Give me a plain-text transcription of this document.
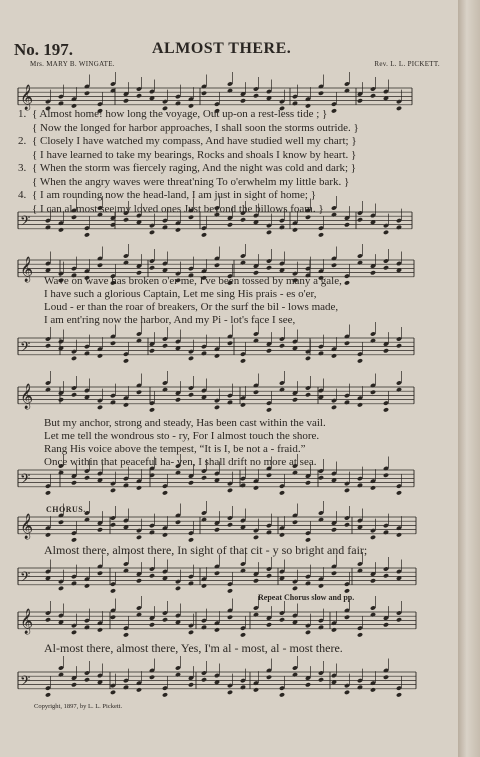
No. 197.	ALMOST THERE.
Mrs. MARY B. WINGATE.	Rev. L. L. PICKETT.
𝄞
𝄢
𝄞
𝄢
𝄞
𝄢
𝄞
𝄢
𝄞
𝄢
1. { Almost home! how long the voyage, Out up-on a rest-less tide ; }
{ Now the longed for harbor approaches, I shall soon the storms outride. }
2. { Closely I have watched my compass, And have studied well my chart; }
{ I have learned to take my bearings, Rocks and shoals I know by heart. }
3. { When the storm was fiercely raging, And the night was cold and dark; }
{ When the angry waves were threat'ning To o'erwhelm my little bark. }
4. { I am rounding now the head-land, I am just in sight of home; }
{ I can al-most see my loved ones Just beyond the billows foam. }
Wave on wave has broken o'er me, I've been tossed by many a gale,
I have such a glorious Captain, Let me sing His prais - es o'er,
Loud - er than the roar of breakers, Or the surf the bil - lows made,
I am ent'ring now the harbor, And my Pi - lot's face I see,
But my anchor, strong and steady, Has been cast within the vail.
Let me tell the wondrous sto - ry, For I almost touch the shore.
Rang His voice above the tempest, “It is I, be not a - fraid.”
Once within that peaceful ha- ven, I shall drift no more at sea.
CHORUS.
Almost there, almost there, In sight of that cit - y so bright and fair;
Repeat Chorus slow and pp.
Al-most there, almost there, Yes, I'm al - most, al - most there.
Copyright, 1897, by L. L. Pickett.
